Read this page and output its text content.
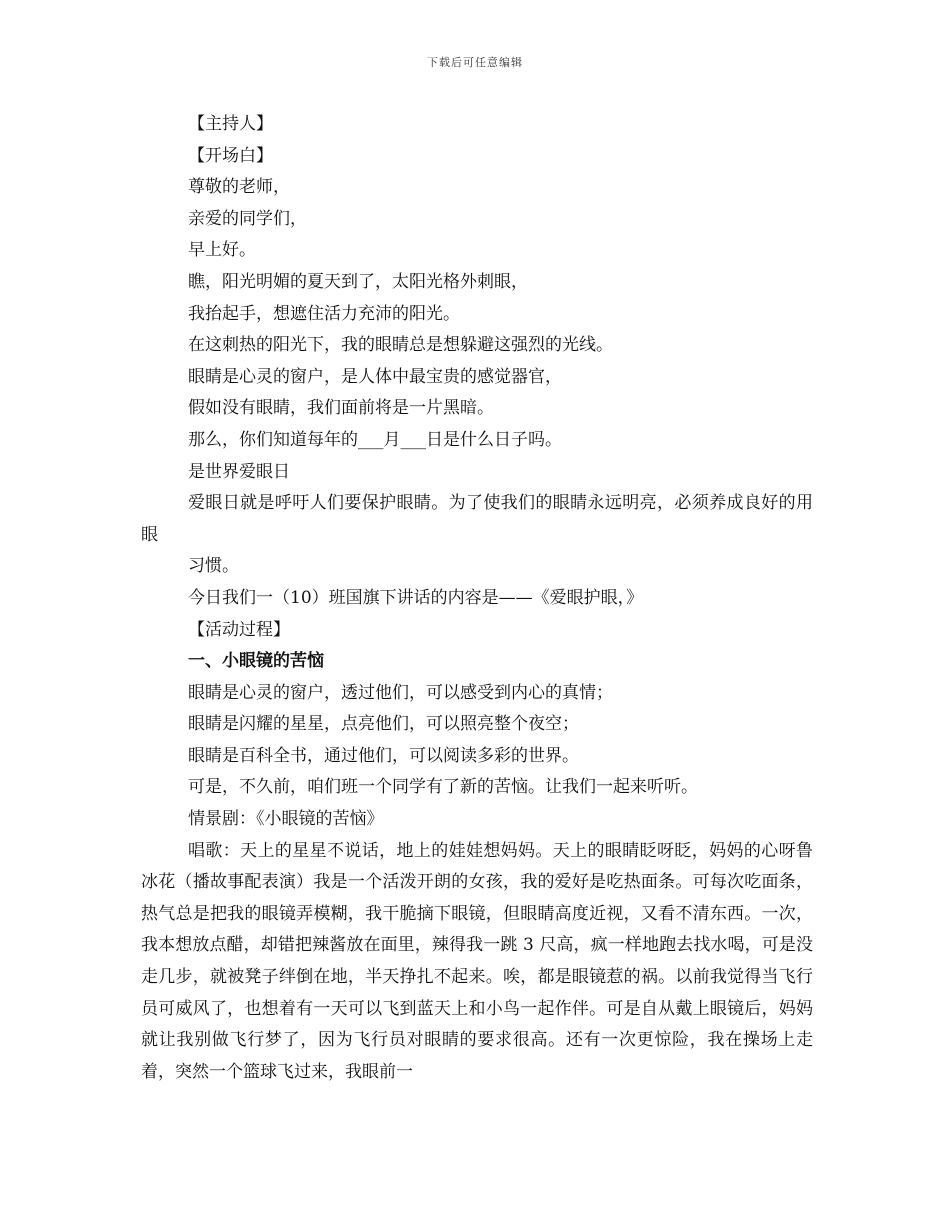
下载后可任意编辑

【主持人】

【开场白】

尊敬的老师，

亲爱的同学们，

早上好。

瞧，阳光明媚的夏天到了，太阳光格外刺眼，

我抬起手，想遮住活力充沛的阳光。

在这刺热的阳光下，我的眼睛总是想躲避这强烈的光线。

眼睛是心灵的窗户，是人体中最宝贵的感觉器官，

假如没有眼睛，我们面前将是一片黑暗。

那么，你们知道每年的___月___日是什么日子吗。

是世界爱眼日

爱眼日就是呼吁人们要保护眼睛。为了使我们的眼睛永远明亮，必须养成良好的用眼

习惯。

今日我们一（10）班国旗下讲话的内容是——《爱眼护眼，》

【活动过程】

一、小眼镜的苦恼

眼睛是心灵的窗户，透过他们，可以感受到内心的真情；

眼睛是闪耀的星星，点亮他们，可以照亮整个夜空；

眼睛是百科全书，通过他们，可以阅读多彩的世界。

可是，不久前，咱们班一个同学有了新的苦恼。让我们一起来听听。

情景剧：《小眼镜的苦恼》

唱歌：天上的星星不说话，地上的娃娃想妈妈。天上的眼睛眨呀眨，妈妈的心呀鲁冰花（播故事配表演）我是一个活泼开朗的女孩，我的爱好是吃热面条。可每次吃面条，热气总是把我的眼镜弄模糊，我干脆摘下眼镜，但眼睛高度近视，又看不清东西。一次，我本想放点醋，却错把辣酱放在面里，辣得我一跳 3 尺高，疯一样地跑去找水喝，可是没走几步，就被凳子绊倒在地，半天挣扎不起来。唉，都是眼镜惹的祸。以前我觉得当飞行员可威风了，也想着有一天可以飞到蓝天上和小鸟一起作伴。可是自从戴上眼镜后，妈妈就让我别做飞行梦了，因为飞行员对眼睛的要求很高。还有一次更惊险，我在操场上走着，突然一个篮球飞过来，我眼前一
